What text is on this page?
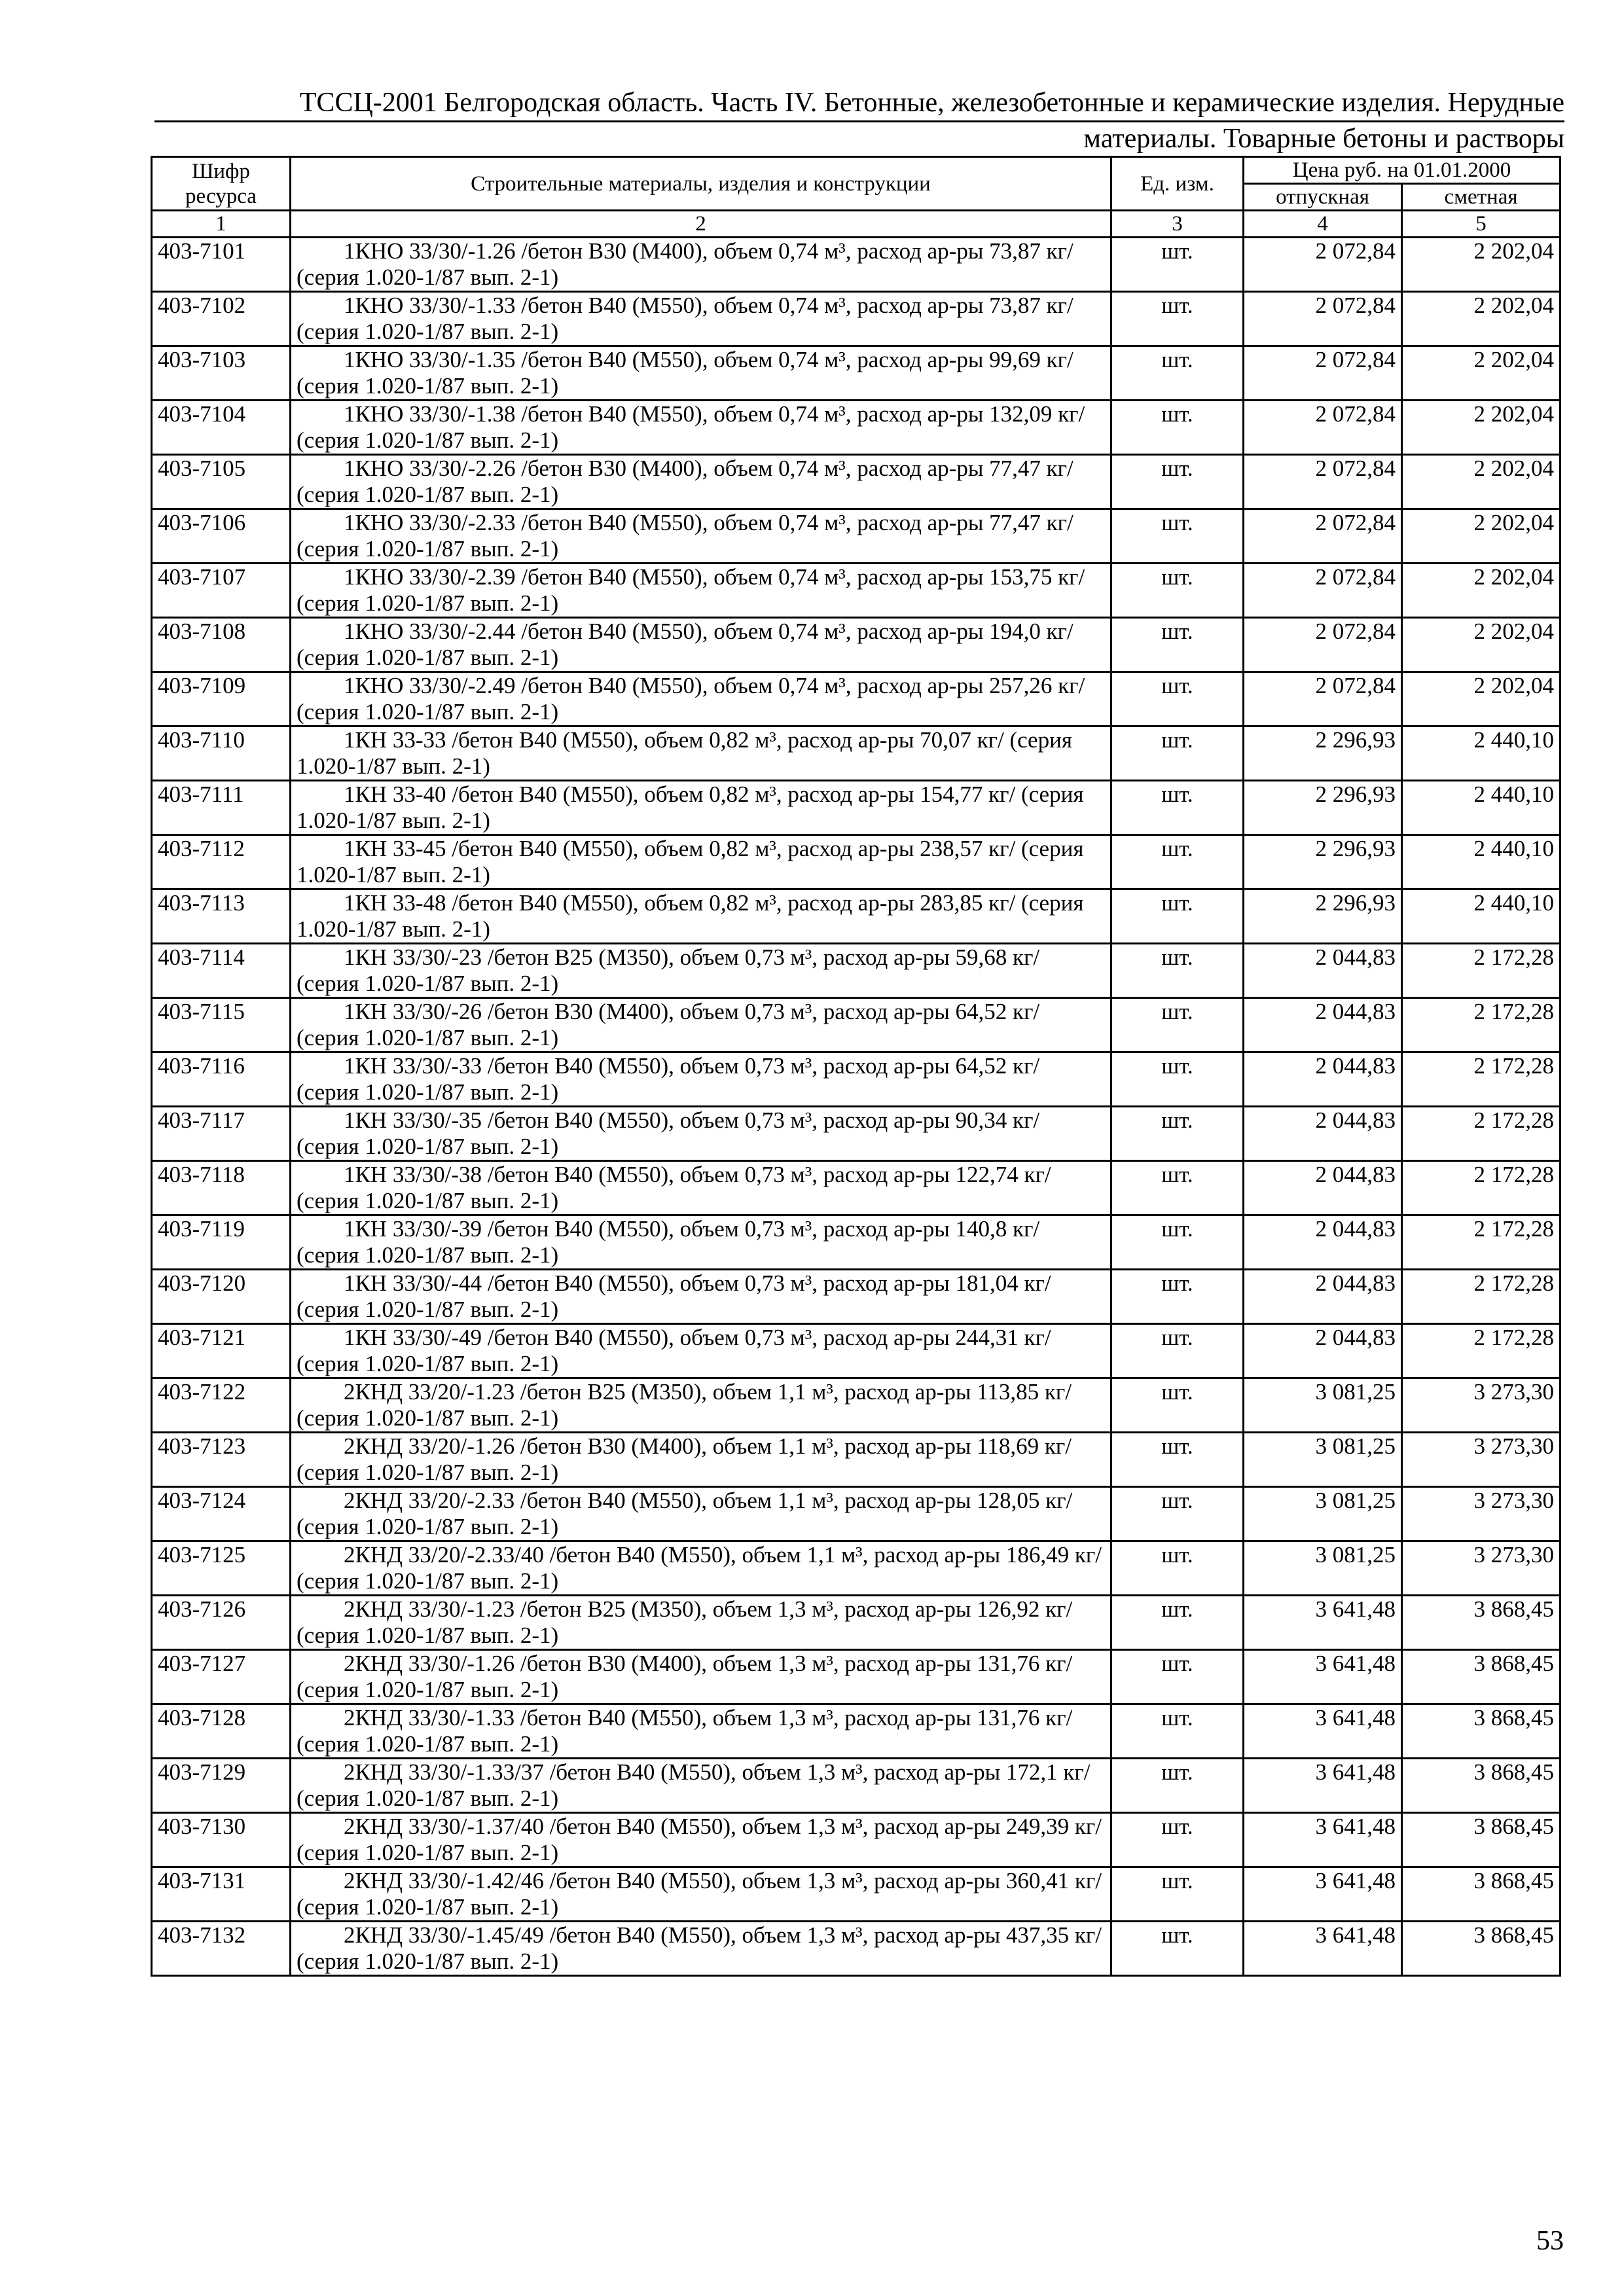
ТССЦ-2001 Белгородская область. Часть IV. Бетонные, железобетонные и керамические изделия. Нерудные
материалы. Товарные бетоны и растворы
Шифр ресурса	Строительные материалы, изделия и конструкции	Ед. изм.	Цена руб. на 01.01.2000	
			отпускная	сметная
1	2	3	4	5
403-7101	1КНО 33/30/-1.26 /бетон В30 (М400), объем 0,74 м³, расход ар-ры 73,87 кг/ (серия 1.020-1/87 вып. 2-1)	шт.	2 072,84	2 202,04
403-7102	1КНО 33/30/-1.33 /бетон В40 (М550), объем 0,74 м³, расход ар-ры 73,87 кг/ (серия 1.020-1/87 вып. 2-1)	шт.	2 072,84	2 202,04
403-7103	1КНО 33/30/-1.35 /бетон В40 (М550), объем 0,74 м³, расход ар-ры 99,69 кг/ (серия 1.020-1/87 вып. 2-1)	шт.	2 072,84	2 202,04
403-7104	1КНО 33/30/-1.38 /бетон В40 (М550), объем 0,74 м³, расход ар-ры 132,09 кг/ (серия 1.020-1/87 вып. 2-1)	шт.	2 072,84	2 202,04
403-7105	1КНО 33/30/-2.26 /бетон В30 (М400), объем 0,74 м³, расход ар-ры 77,47 кг/ (серия 1.020-1/87 вып. 2-1)	шт.	2 072,84	2 202,04
403-7106	1КНО 33/30/-2.33 /бетон В40 (М550), объем 0,74 м³, расход ар-ры 77,47 кг/ (серия 1.020-1/87 вып. 2-1)	шт.	2 072,84	2 202,04
403-7107	1КНО 33/30/-2.39 /бетон В40 (М550), объем 0,74 м³, расход ар-ры 153,75 кг/ (серия 1.020-1/87 вып. 2-1)	шт.	2 072,84	2 202,04
403-7108	1КНО 33/30/-2.44 /бетон В40 (М550), объем 0,74 м³, расход ар-ры 194,0 кг/ (серия 1.020-1/87 вып. 2-1)	шт.	2 072,84	2 202,04
403-7109	1КНО 33/30/-2.49 /бетон В40 (М550), объем 0,74 м³, расход ар-ры 257,26 кг/ (серия 1.020-1/87 вып. 2-1)	шт.	2 072,84	2 202,04
403-7110	1КН 33-33 /бетон В40 (М550), объем 0,82 м³, расход ар-ры 70,07 кг/ (серия 1.020-1/87 вып. 2-1)	шт.	2 296,93	2 440,10
403-7111	1КН 33-40 /бетон В40 (М550), объем 0,82 м³, расход ар-ры 154,77 кг/ (серия 1.020-1/87 вып. 2-1)	шт.	2 296,93	2 440,10
403-7112	1КН 33-45 /бетон В40 (М550), объем 0,82 м³, расход ар-ры 238,57 кг/ (серия 1.020-1/87 вып. 2-1)	шт.	2 296,93	2 440,10
403-7113	1КН 33-48 /бетон В40 (М550), объем 0,82 м³, расход ар-ры 283,85 кг/ (серия 1.020-1/87 вып. 2-1)	шт.	2 296,93	2 440,10
403-7114	1КН 33/30/-23 /бетон В25 (М350), объем 0,73 м³, расход ар-ры 59,68 кг/ (серия 1.020-1/87 вып. 2-1)	шт.	2 044,83	2 172,28
403-7115	1КН 33/30/-26 /бетон В30 (М400), объем 0,73 м³, расход ар-ры 64,52 кг/ (серия 1.020-1/87 вып. 2-1)	шт.	2 044,83	2 172,28
403-7116	1КН 33/30/-33 /бетон В40 (М550), объем 0,73 м³, расход ар-ры 64,52 кг/ (серия 1.020-1/87 вып. 2-1)	шт.	2 044,83	2 172,28
403-7117	1КН 33/30/-35 /бетон В40 (М550), объем 0,73 м³, расход ар-ры 90,34 кг/ (серия 1.020-1/87 вып. 2-1)	шт.	2 044,83	2 172,28
403-7118	1КН 33/30/-38 /бетон В40 (М550), объем 0,73 м³, расход ар-ры 122,74 кг/ (серия 1.020-1/87 вып. 2-1)	шт.	2 044,83	2 172,28
403-7119	1КН 33/30/-39 /бетон В40 (М550), объем 0,73 м³, расход ар-ры 140,8 кг/ (серия 1.020-1/87 вып. 2-1)	шт.	2 044,83	2 172,28
403-7120	1КН 33/30/-44 /бетон В40 (М550), объем 0,73 м³, расход ар-ры 181,04 кг/ (серия 1.020-1/87 вып. 2-1)	шт.	2 044,83	2 172,28
403-7121	1КН 33/30/-49 /бетон В40 (М550), объем 0,73 м³, расход ар-ры 244,31 кг/ (серия 1.020-1/87 вып. 2-1)	шт.	2 044,83	2 172,28
403-7122	2КНД 33/20/-1.23 /бетон В25 (М350), объем 1,1 м³, расход ар-ры 113,85 кг/ (серия 1.020-1/87 вып. 2-1)	шт.	3 081,25	3 273,30
403-7123	2КНД 33/20/-1.26 /бетон В30 (М400), объем 1,1 м³, расход ар-ры 118,69 кг/ (серия 1.020-1/87 вып. 2-1)	шт.	3 081,25	3 273,30
403-7124	2КНД 33/20/-2.33 /бетон В40 (М550), объем 1,1 м³, расход ар-ры 128,05 кг/ (серия 1.020-1/87 вып. 2-1)	шт.	3 081,25	3 273,30
403-7125	2КНД 33/20/-2.33/40 /бетон В40 (М550), объем 1,1 м³, расход ар-ры 186,49 кг/ (серия 1.020-1/87 вып. 2-1)	шт.	3 081,25	3 273,30
403-7126	2КНД 33/30/-1.23 /бетон В25 (М350), объем 1,3 м³, расход ар-ры 126,92 кг/ (серия 1.020-1/87 вып. 2-1)	шт.	3 641,48	3 868,45
403-7127	2КНД 33/30/-1.26 /бетон В30 (М400), объем 1,3 м³, расход ар-ры 131,76 кг/ (серия 1.020-1/87 вып. 2-1)	шт.	3 641,48	3 868,45
403-7128	2КНД 33/30/-1.33 /бетон В40 (М550), объем 1,3 м³, расход ар-ры 131,76 кг/ (серия 1.020-1/87 вып. 2-1)	шт.	3 641,48	3 868,45
403-7129	2КНД 33/30/-1.33/37 /бетон В40 (М550), объем 1,3 м³, расход ар-ры 172,1 кг/ (серия 1.020-1/87 вып. 2-1)	шт.	3 641,48	3 868,45
403-7130	2КНД 33/30/-1.37/40 /бетон В40 (М550), объем 1,3 м³, расход ар-ры 249,39 кг/ (серия 1.020-1/87 вып. 2-1)	шт.	3 641,48	3 868,45
403-7131	2КНД 33/30/-1.42/46 /бетон В40 (М550), объем 1,3 м³, расход ар-ры 360,41 кг/ (серия 1.020-1/87 вып. 2-1)	шт.	3 641,48	3 868,45
403-7132	2КНД 33/30/-1.45/49 /бетон В40 (М550), объем 1,3 м³, расход ар-ры 437,35 кг/ (серия 1.020-1/87 вып. 2-1)	шт.	3 641,48	3 868,45
53
